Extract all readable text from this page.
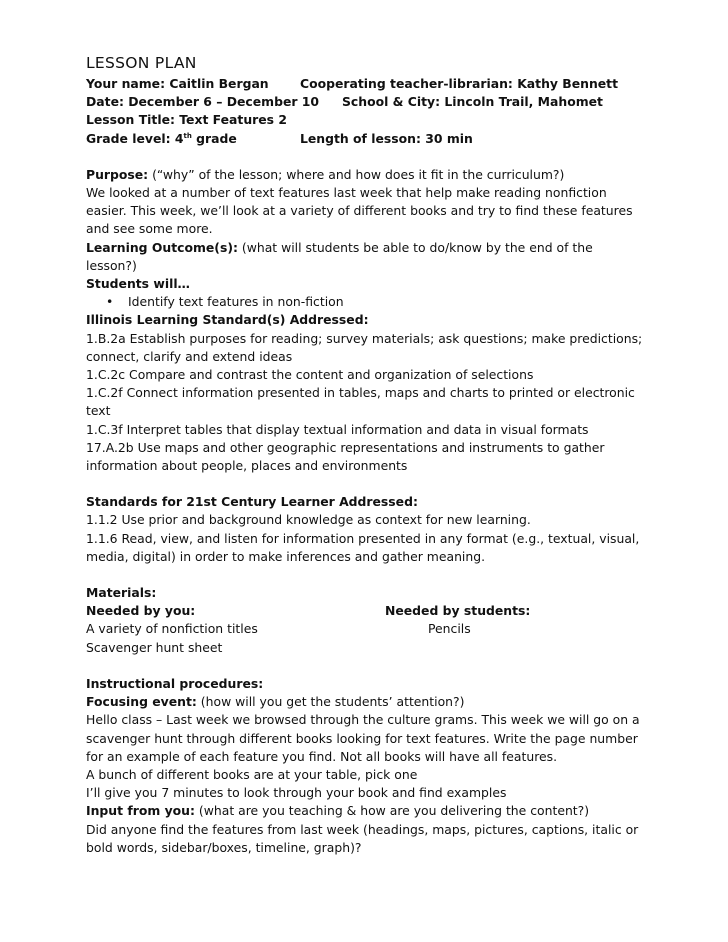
LESSON PLAN
Your name: Caitlin Bergan	Cooperating teacher-librarian: Kathy Bennett
Date: December 6 – December 10	School & City: Lincoln Trail, Mahomet
Lesson Title: Text Features 2
Grade level: 4th grade	Length of lesson: 30 min
Purpose: (“why” of the lesson; where and how does it fit in the curriculum?)
We looked at a number of text features last week that help make reading nonfiction easier. This week, we’ll look at a variety of different books and try to find these features and see some more.
Learning Outcome(s): (what will students be able to do/know by the end of the lesson?)
Students will…
• Identify text features in non-fiction
Illinois Learning Standard(s) Addressed:
1.B.2a Establish purposes for reading; survey materials; ask questions; make predictions; connect, clarify and extend ideas
1.C.2c Compare and contrast the content and organization of selections
1.C.2f Connect information presented in tables, maps and charts to printed or electronic text
1.C.3f Interpret tables that display textual information and data in visual formats
17.A.2b Use maps and other geographic representations and instruments to gather information about people, places and environments
Standards for 21st Century Learner Addressed:
1.1.2 Use prior and background knowledge as context for new learning.
1.1.6 Read, view, and listen for information presented in any format (e.g., textual, visual, media, digital) in order to make inferences and gather meaning.
Materials:
Needed by you:	Needed by students:
A variety of nonfiction titles	Pencils
Scavenger hunt sheet
Instructional procedures:
Focusing event: (how will you get the students’ attention?)
Hello class – Last week we browsed through the culture grams. This week we will go on a scavenger hunt through different books looking for text features. Write the page number for an example of each feature you find. Not all books will have all features.
A bunch of different books are at your table, pick one
I’ll give you 7 minutes to look through your book and find examples
Input from you: (what are you teaching & how are you delivering the content?)
Did anyone find the features from last week (headings, maps, pictures, captions, italic or bold words, sidebar/boxes, timeline, graph)?
